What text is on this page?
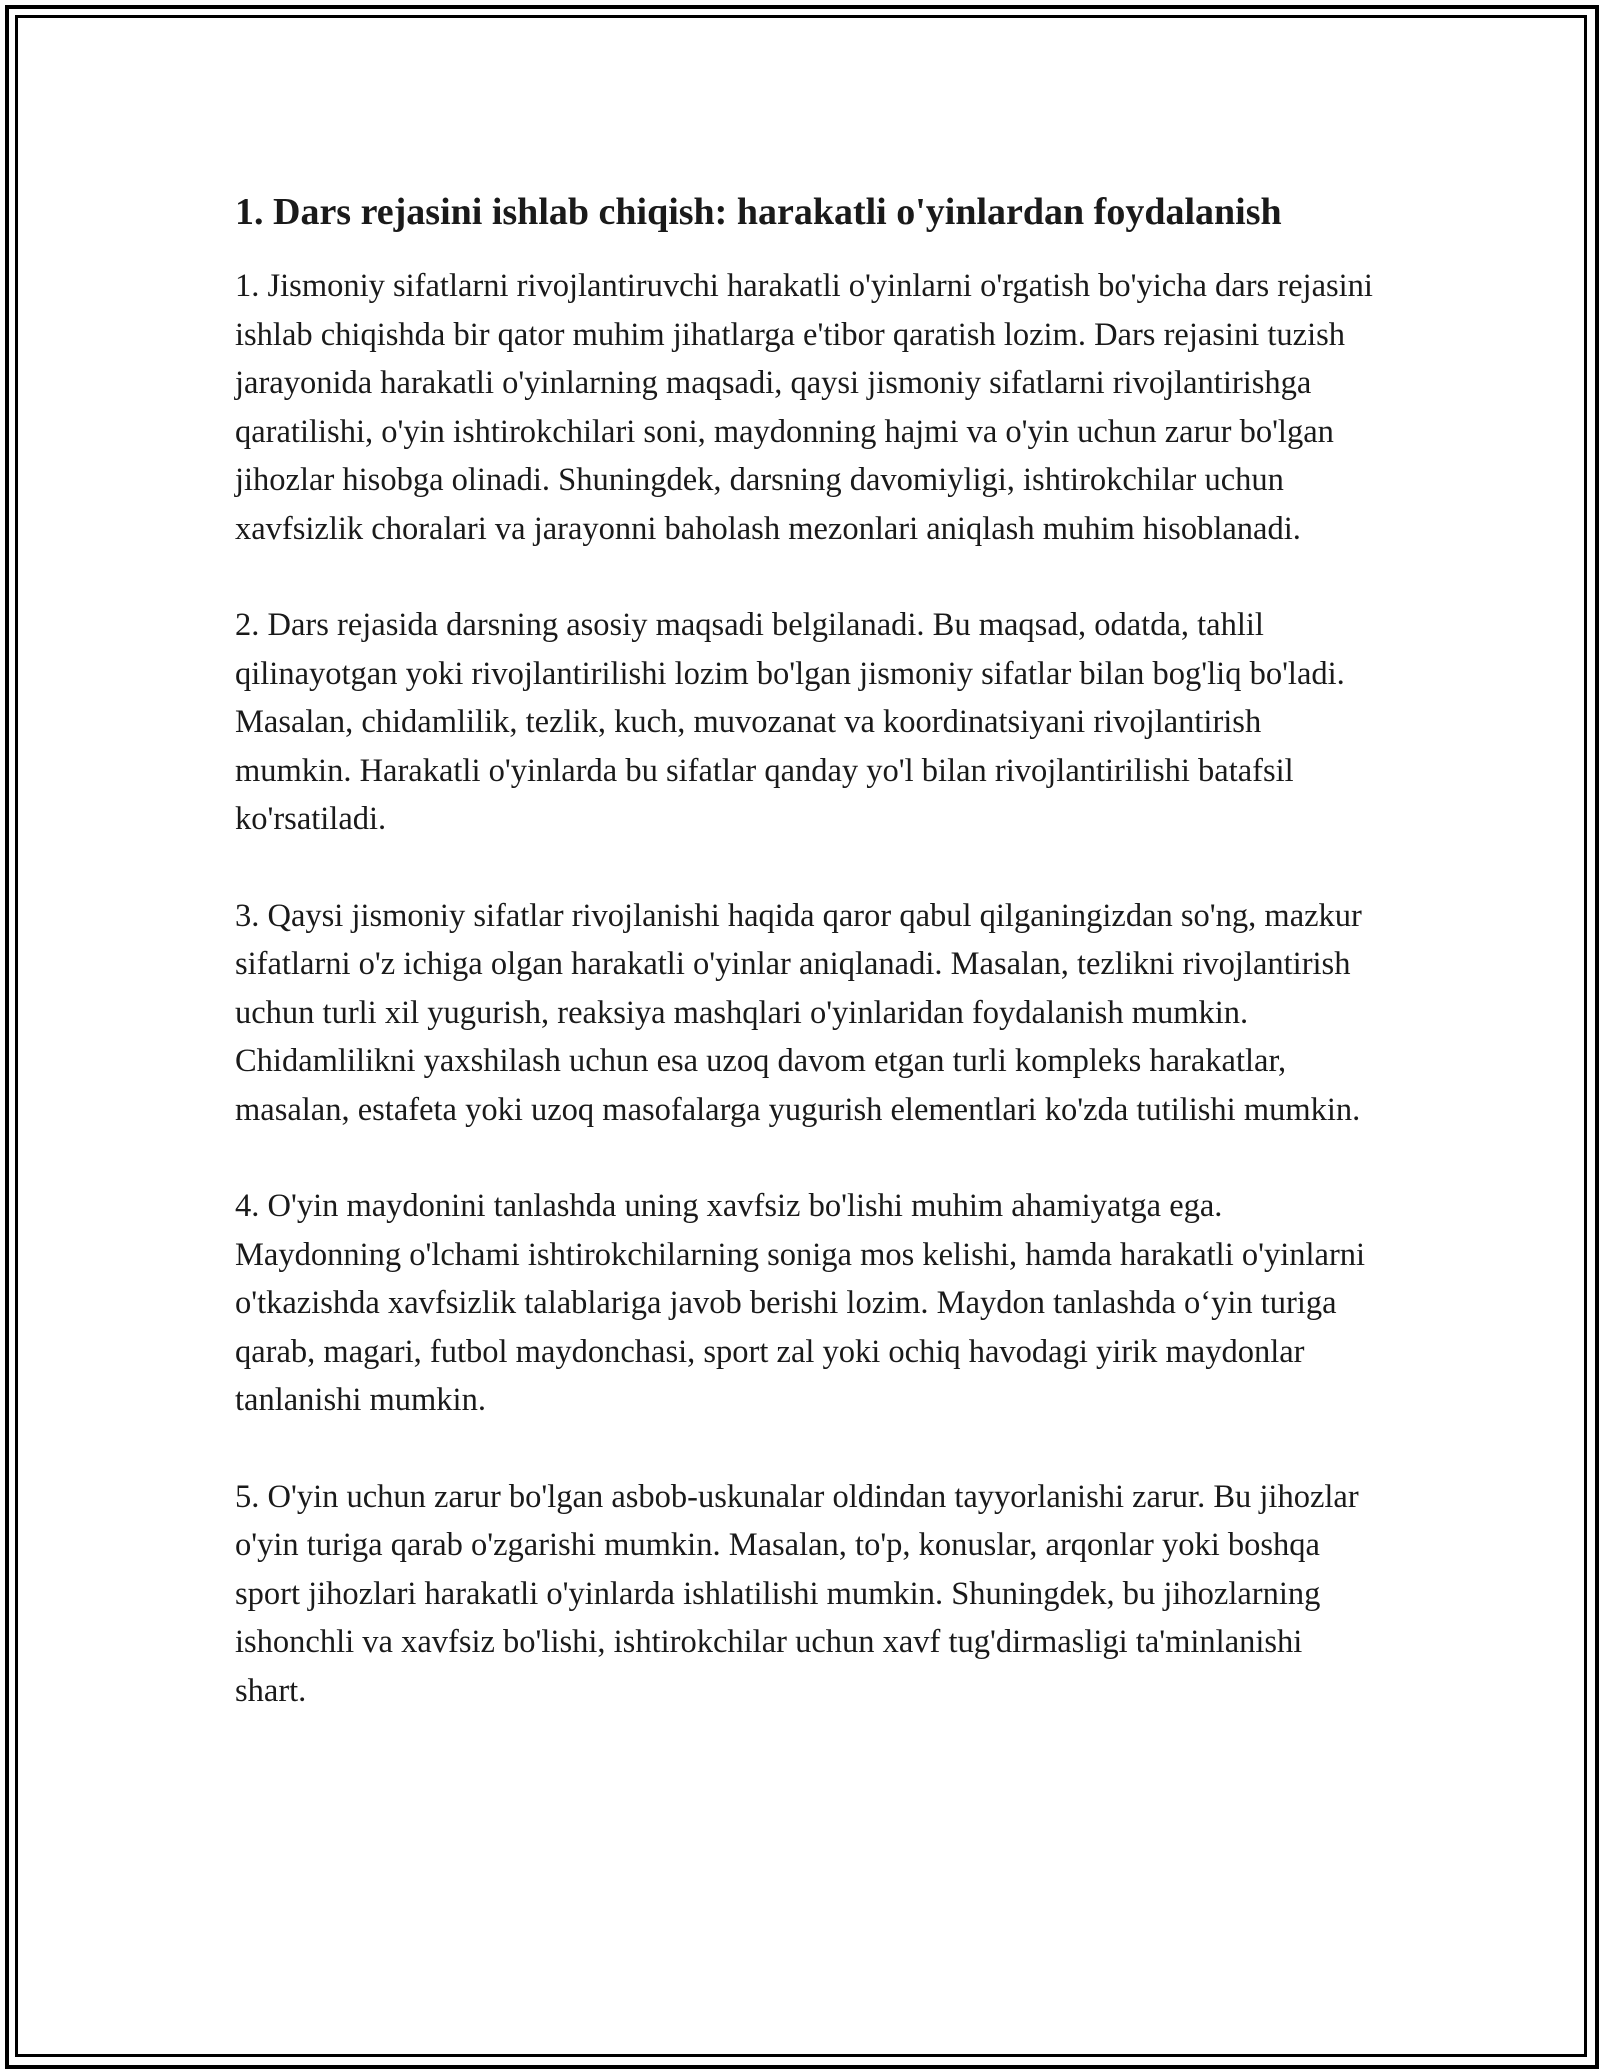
1. Dars rejasini ishlab chiqish: harakatli o'yinlardan foydalanish

1. Jismoniy sifatlarni rivojlantiruvchi harakatli o'yinlarni o'rgatish bo'yicha dars rejasini ishlab chiqishda bir qator muhim jihatlarga e'tibor qaratish lozim. Dars rejasini tuzish jarayonida harakatli o'yinlarning maqsadi, qaysi jismoniy sifatlarni rivojlantirishga qaratilishi, o'yin ishtirokchilari soni, maydonning hajmi va o'yin uchun zarur bo'lgan jihozlar hisobga olinadi. Shuningdek, darsning davomiyligi, ishtirokchilar uchun xavfsizlik choralari va jarayonni baholash mezonlari aniqlash muhim hisoblanadi.

2. Dars rejasida darsning asosiy maqsadi belgilanadi. Bu maqsad, odatda, tahlil qilinayotgan yoki rivojlantirilishi lozim bo'lgan jismoniy sifatlar bilan bog'liq bo'ladi. Masalan, chidamlilik, tezlik, kuch, muvozanat va koordinatsiyani rivojlantirish mumkin. Harakatli o'yinlarda bu sifatlar qanday yo'l bilan rivojlantirilishi batafsil ko'rsatiladi.

3. Qaysi jismoniy sifatlar rivojlanishi haqida qaror qabul qilganingizdan so'ng, mazkur sifatlarni o'z ichiga olgan harakatli o'yinlar aniqlanadi. Masalan, tezlikni rivojlantirish uchun turli xil yugurish, reaksiya mashqlari o'yinlaridan foydalanish mumkin. Chidamlilikni yaxshilash uchun esa uzoq davom etgan turli kompleks harakatlar, masalan, estafeta yoki uzoq masofalarga yugurish elementlari ko'zda tutilishi mumkin.

4. O'yin maydonini tanlashda uning xavfsiz bo'lishi muhim ahamiyatga ega. Maydonning o'lchami ishtirokchilarning soniga mos kelishi, hamda harakatli o'yinlarni o'tkazishda xavfsizlik talablariga javob berishi lozim. Maydon tanlashda o‘yin turiga qarab, magari, futbol maydonchasi, sport zal yoki ochiq havodagi yirik maydonlar tanlanishi mumkin.

5. O'yin uchun zarur bo'lgan asbob-uskunalar oldindan tayyorlanishi zarur. Bu jihozlar o'yin turiga qarab o'zgarishi mumkin. Masalan, to'p, konuslar, arqonlar yoki boshqa sport jihozlari harakatli o'yinlarda ishlatilishi mumkin. Shuningdek, bu jihozlarning ishonchli va xavfsiz bo'lishi, ishtirokchilar uchun xavf tug'dirmasligi ta'minlanishi shart.
